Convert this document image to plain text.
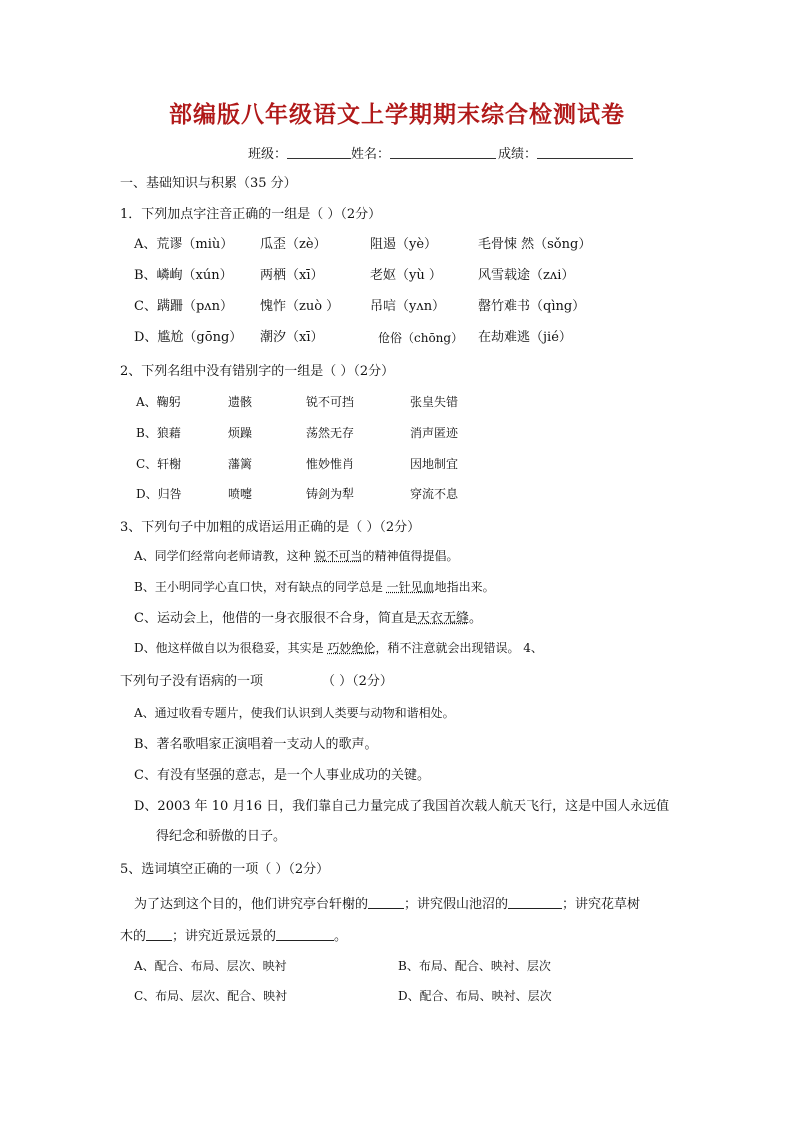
部编版八年级语文上学期期末综合检测试卷
班级：	姓名：	成绩：
一、基础知识与积累（35 分）
1．下列加点字注音正确的一组是（ ）（2分）
A、荒谬（miù） 瓜歪（zè）	阻遏（yè）	毛骨悚 然（sǒng）
B、嶙峋（xún） 两栖（xī）	老妪（yù ）	风雪载途（zʌi）
C、蹒跚（pʌn） 愧怍（zuò ） 吊唁（yʌn）	罄竹难书（qìng）
D、尴尬（gōng） 潮汐（xī）	伧俗（chōng） 在劫难逃（jié）
2、下列名组中没有错别字的一组是（ ）（2分）
A、鞠躬	遗骸	锐不可挡	张皇失错
B、狼藉	烦躁	荡然无存	消声匿迹
C、轩榭	藩篱	惟妙惟肖	因地制宜
D、归咎	喷嚏	铸剑为犁	穿流不息
3、下列句子中加粗的成语运用正确的是（ ）（2分）
A、同学们经常向老师请教，这种 锐不可当的精神值得提倡。
B、王小明同学心直口快，对有缺点的同学总是 一针见血地指出来。
C、运动会上，他借的一身衣服很不合身，简直是天衣无缝。
D、他这样做自以为很稳妥，其实是 巧妙绝伦，稍不注意就会出现错误。 4、
下列句子没有语病的一项	（ ）（2分）
A、通过收看专题片，使我们认识到人类要与动物和谐相处。
B、著名歌唱家正演唱着一支动人的歌声。
C、有没有坚强的意志，是一个人事业成功的关键。
D、2003 年 10 月16 日，我们靠自己力量完成了我国首次载人航天飞行，这是中国人永远值
得纪念和骄傲的日子。
5、选词填空正确的一项（ ）（2分）
为了达到这个目的，他们讲究亭台轩榭的	；讲究假山池沼的	；讲究花草树
木的 ；讲究近景远景的	。
A、配合、布局、层次、映衬	B、布局、配合、映衬、层次
C、布局、层次、配合、映衬	D、配合、布局、映衬、层次
